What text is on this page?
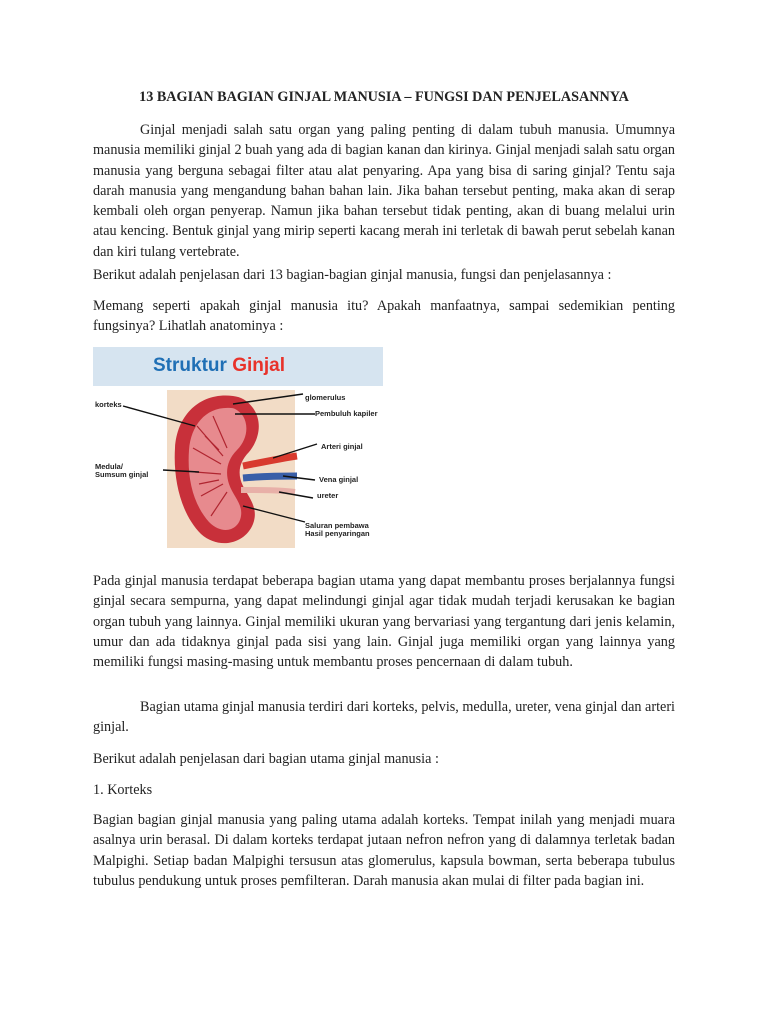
13 BAGIAN BAGIAN GINJAL MANUSIA – FUNGSI DAN PENJELASANNYA

Ginjal menjadi salah satu organ yang paling penting di dalam tubuh manusia. Umumnya manusia memiliki ginjal 2 buah yang ada di bagian kanan dan kirinya. Ginjal menjadi salah satu organ manusia yang berguna sebagai filter atau alat penyaring. Apa yang bisa di saring ginjal? Tentu saja darah manusia yang mengandung bahan bahan lain. Jika bahan tersebut penting, maka akan di serap kembali oleh organ penyerap. Namun jika bahan tersebut tidak penting, akan di buang melalui urin atau kencing. Bentuk ginjal yang mirip seperti kacang merah ini terletak di bawah perut sebelah kanan dan kiri tulang vertebrate.

Berikut adalah penjelasan dari 13 bagian-bagian ginjal manusia, fungsi dan penjelasannya :

Memang seperti apakah ginjal manusia itu? Apakah manfaatnya, sampai sedemikian penting fungsinya? Lihatlah anatominya :

Struktur Ginjal
korteks
glomerulus
Pembuluh kapiler
Arteri ginjal
Medula/
Sumsum ginjal
Vena ginjal
ureter
Saluran pembawa
Hasil penyaringan

Pada ginjal manusia terdapat beberapa bagian utama yang dapat membantu proses berjalannya fungsi ginjal secara sempurna, yang dapat melindungi ginjal agar tidak mudah terjadi kerusakan ke bagian organ tubuh yang lainnya. Ginjal memiliki ukuran yang bervariasi yang tergantung dari jenis kelamin, umur dan ada tidaknya ginjal pada sisi yang lain. Ginjal juga memiliki organ yang lainnya yang memiliki fungsi masing-masing untuk membantu proses pencernaan di dalam tubuh.

Bagian utama ginjal manusia terdiri dari korteks, pelvis, medulla, ureter, vena ginjal dan arteri ginjal.

Berikut adalah penjelasan dari bagian utama ginjal manusia :

1. Korteks

Bagian bagian ginjal manusia yang paling utama adalah korteks. Tempat inilah yang menjadi muara asalnya urin berasal. Di dalam korteks terdapat jutaan nefron nefron yang di dalamnya terletak badan Malpighi. Setiap badan Malpighi tersusun atas glomerulus, kapsula bowman, serta beberapa tubulus tubulus pendukung untuk proses pemfilteran. Darah manusia akan mulai di filter pada bagian ini.
